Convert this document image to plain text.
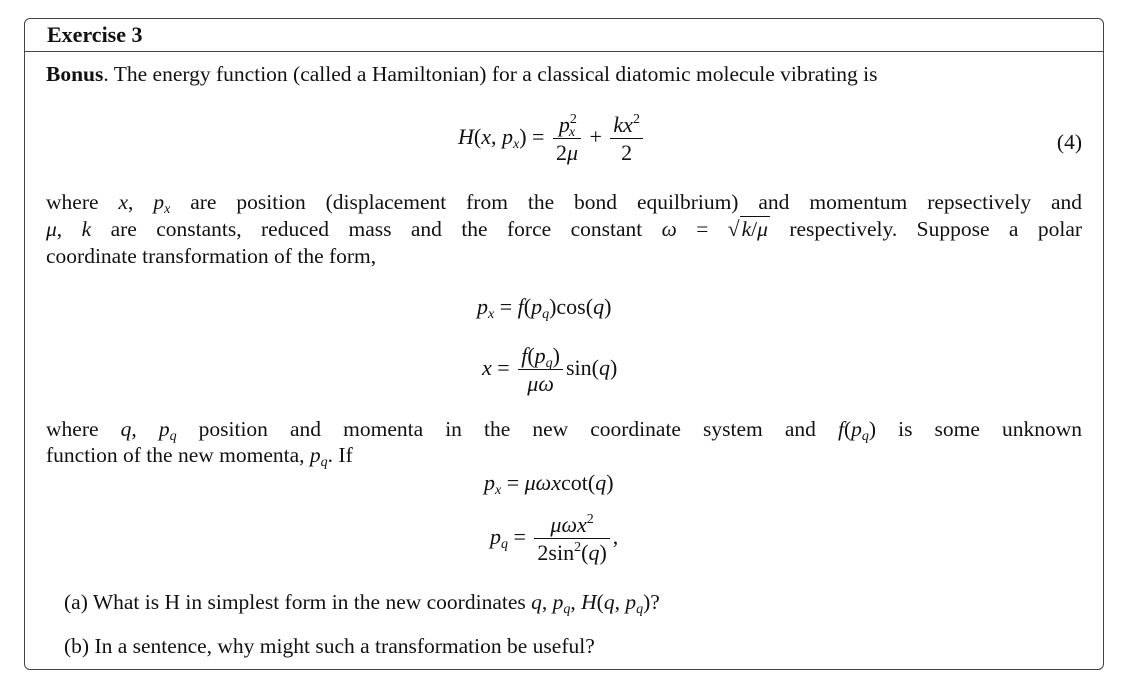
Exercise 3
Bonus. The energy function (called a Hamiltonian) for a classical diatomic molecule vibrating is
H(x, $p_x) = \frac{p^2_x}{2\mu} + \frac{kx^2}{2}$	(4)
where x, $p_x$ are position (displacement from the bond equilbrium) and momentum repsectively and
μ, k are constants, reduced mass and the force constant ω = √k/μ respectively. Suppose a polar
coordinate transformation of the form,
$p_x = f(p_q)\cos(q)$
$x = \frac{f(p_q)}{\mu\omega} \sin(q)$
where q, $p_q$ position and momenta in the new coordinate system and $f(p_q)$ is some unknown
function of the new momenta, $p_q$. If
$p_x = \mu\omega xcot(q)$
$p_q = \frac{\mu\omega x^2}{2\sin^2(q)}$ ,
(a) What is H in simplest form in the new coordinates q, $p_q$, H(q, $p_q$)?
(b) In a sentence, why might such a transformation be useful?
